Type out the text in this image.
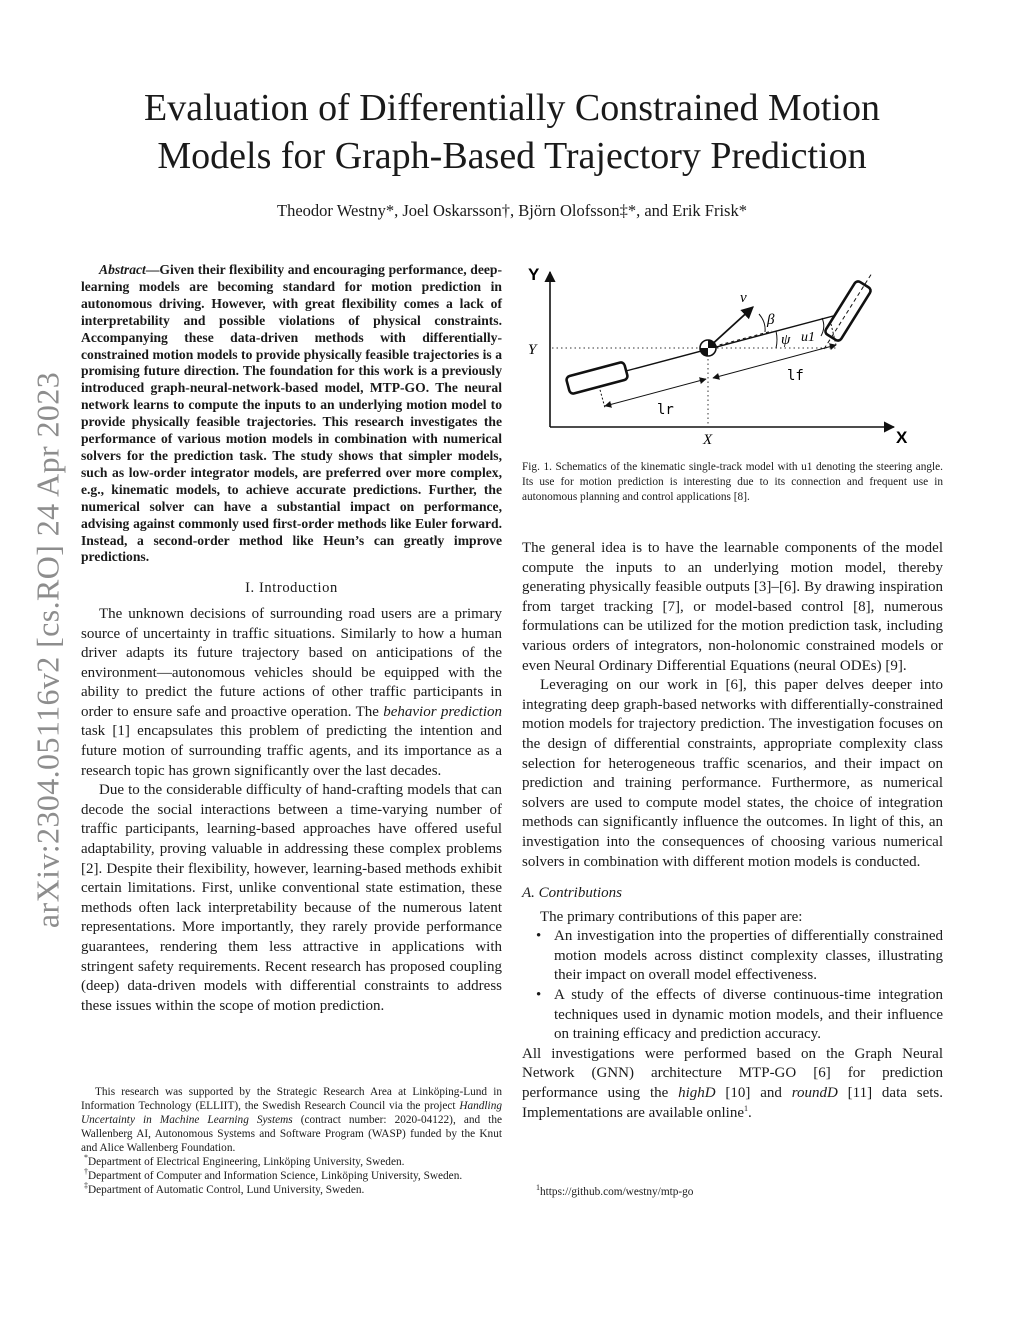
arXiv:2304.05116v2 [cs.RO] 24 Apr 2023
Evaluation of Differentially Constrained Motion
Models for Graph-Based Trajectory Prediction
Theodor Westny*, Joel Oskarsson†, Björn Olofsson‡*, and Erik Frisk*

Abstract—Given their flexibility and encouraging performance, deep-learning models are becoming standard for motion prediction in autonomous driving. However, with great flexibility comes a lack of interpretability and possible violations of physical constraints. Accompanying these data-driven methods with differentially-constrained motion models to provide physically feasible trajectories is a promising future direction. The foundation for this work is a previously introduced graph-neural-network-based model, MTP-GO. The neural network learns to compute the inputs to an underlying motion model to provide physically feasible trajectories. This research investigates the performance of various motion models in combination with numerical solvers for the prediction task. The study shows that simpler models, such as low-order integrator models, are preferred over more complex, e.g., kinematic models, to achieve accurate predictions. Further, the numerical solver can have a substantial impact on performance, advising against commonly used first-order methods like Euler forward. Instead, a second-order method like Heun’s can greatly improve predictions.

I. Introduction

The unknown decisions of surrounding road users are a primary source of uncertainty in traffic situations. Similarly to how a human driver adapts its future trajectory based on anticipations of the environment—autonomous vehicles should be equipped with the ability to predict the future actions of other traffic participants in order to ensure safe and proactive operation. The behavior prediction task [1] encapsulates this problem of predicting the intention and future motion of surrounding traffic agents, and its importance as a research topic has grown significantly over the last decades.

Due to the considerable difficulty of hand-crafting models that can decode the social interactions between a time-varying number of traffic participants, learning-based approaches have offered useful adaptability, proving valuable in addressing these complex problems [2]. Despite their flexibility, however, learning-based methods exhibit certain limitations. First, unlike conventional state estimation, these methods often lack interpretability because of the numerous latent representations. More importantly, they rarely provide performance guarantees, rendering them less attractive in applications with stringent safety requirements. Recent research has proposed coupling (deep) data-driven models with differential constraints to address these issues within the scope of motion prediction.

This research was supported by the Strategic Research Area at Linköping-Lund in Information Technology (ELLIIT), the Swedish Research Council via the project Handling Uncertainty in Machine Learning Systems (contract number: 2020-04122), and the Wallenberg AI, Autonomous Systems and Software Program (WASP) funded by the Knut and Alice Wallenberg Foundation.

*Department of Electrical Engineering, Linköping University, Sweden.

†Department of Computer and Information Science, Linköping University, Sweden.

‡Department of Automatic Control, Lund University, Sweden.

Y
X
Y
X
v
β
ψ u1
lf
lr
Fig. 1. Schematics of the kinematic single-track model with u1 denoting the steering angle. Its use for motion prediction is interesting due to its connection and frequent use in autonomous planning and control applications [8].

The general idea is to have the learnable components of the model compute the inputs to an underlying motion model, thereby generating physically feasible outputs [3]–[6]. By drawing inspiration from target tracking [7], or model-based control [8], numerous formulations can be utilized for the motion prediction task, including various orders of integrators, non-holonomic constrained models or even Neural Ordinary Differential Equations (neural ODEs) [9].

Leveraging on our work in [6], this paper delves deeper into integrating deep graph-based networks with differentially-constrained motion models for trajectory prediction. The investigation focuses on the design of differential constraints, appropriate complexity class selection for heterogeneous traffic scenarios, and their impact on prediction and training performance. Furthermore, as numerical solvers are used to compute model states, the choice of integration methods can significantly influence the outcomes. In light of this, an investigation into the consequences of choosing various numerical solvers in combination with different motion models is conducted.

A. Contributions

The primary contributions of this paper are:

• An investigation into the properties of differentially constrained motion models across distinct complexity classes, illustrating their impact on overall model effectiveness.
• A study of the effects of diverse continuous-time integration techniques used in dynamic motion models, and their influence on training efficacy and prediction accuracy.

All investigations were performed based on the Graph Neural Network (GNN) architecture MTP-GO [6] for prediction performance using the highD [10] and roundD [11] data sets. Implementations are available online$^1$.

$^1$https://github.com/westny/mtp-go
